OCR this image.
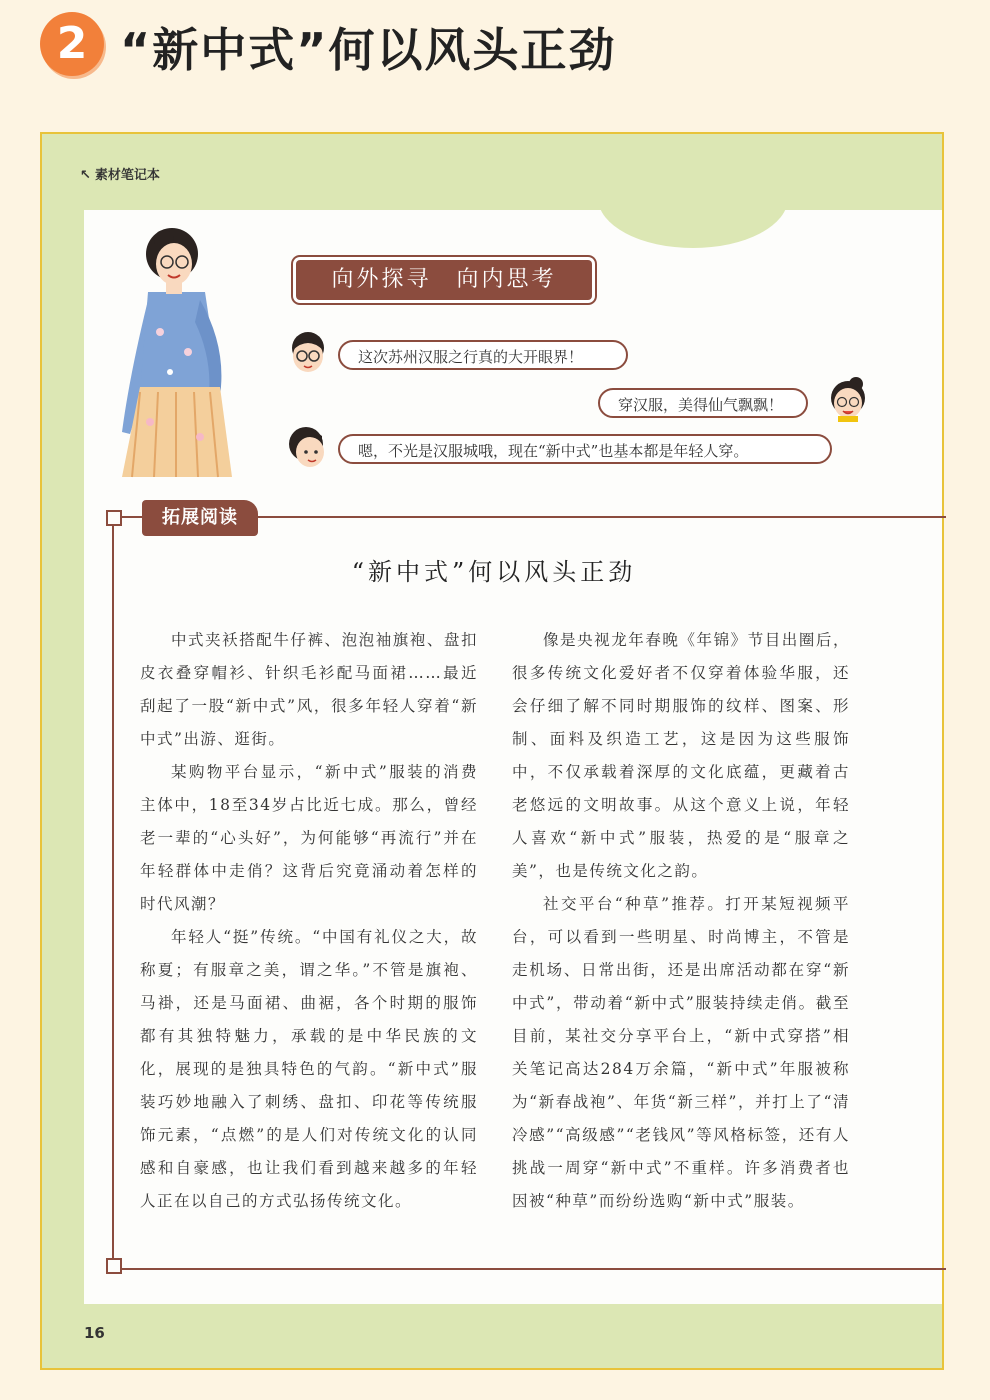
2 “新中式”何以风头正劲
↖ 素材笔记本
向外探寻　向内思考
这次苏州汉服之行真的大开眼界！
穿汉服，美得仙气飘飘！
嗯，不光是汉服城哦，现在“新中式”也基本都是年轻人穿。
拓展阅读
“新中式”何以风头正劲

中式夹袄搭配牛仔裤、泡泡袖旗袍、盘扣皮衣叠穿帽衫、针织毛衫配马面裙……最近刮起了一股“新中式”风，很多年轻人穿着“新中式”出游、逛街。

某购物平台显示，“新中式”服装的消费主体中，18至34岁占比近七成。那么，曾经老一辈的“心头好”，为何能够“再流行”并在年轻群体中走俏？这背后究竟涌动着怎样的时代风潮？

年轻人“挺”传统。“中国有礼仪之大，故称夏；有服章之美，谓之华。”不管是旗袍、马褂，还是马面裙、曲裾，各个时期的服饰都有其独特魅力，承载的是中华民族的文化，展现的是独具特色的气韵。“新中式”服装巧妙地融入了刺绣、盘扣、印花等传统服饰元素，“点燃”的是人们对传统文化的认同感和自豪感，也让我们看到越来越多的年轻人正在以自己的方式弘扬传统文化。

像是央视龙年春晚《年锦》节目出圈后，很多传统文化爱好者不仅穿着体验华服，还会仔细了解不同时期服饰的纹样、图案、形制、面料及织造工艺，这是因为这些服饰中，不仅承载着深厚的文化底蕴，更藏着古老悠远的文明故事。从这个意义上说，年轻人喜欢“新中式”服装，热爱的是“服章之美”，也是传统文化之韵。

社交平台“种草”推荐。打开某短视频平台，可以看到一些明星、时尚博主，不管是走机场、日常出街，还是出席活动都在穿“新中式”，带动着“新中式”服装持续走俏。截至目前，某社交分享平台上，“新中式穿搭”相关笔记高达284万余篇，“新中式”年服被称为“新春战袍”、年货“新三样”，并打上了“清冷感”“高级感”“老钱风”等风格标签，还有人挑战一周穿“新中式”不重样。许多消费者也因被“种草”而纷纷选购“新中式”服装。

16
